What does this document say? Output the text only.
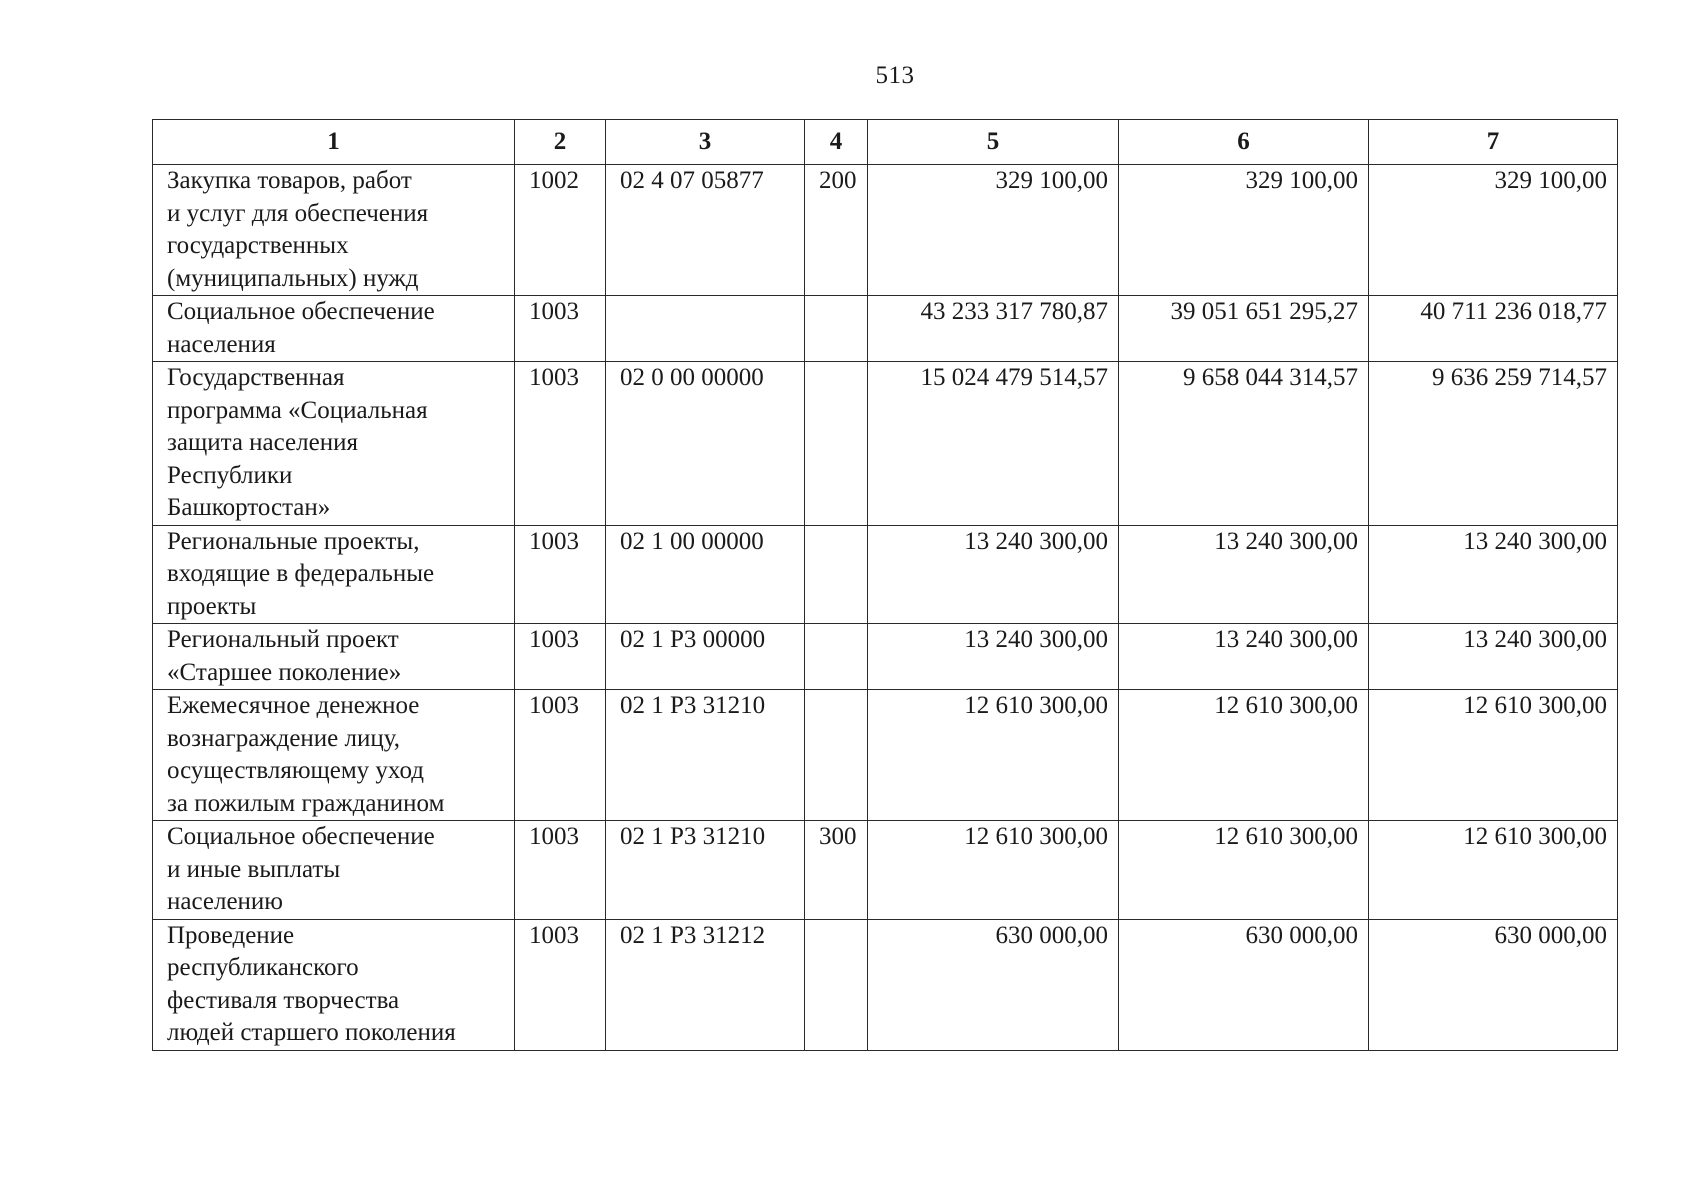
513
1	2	3	4	5	6	7

Закупка товаров, работ
и услуг для обеспечения
государственных
(муниципальных) нужд	1002	02 4 07 05877	200	329 100,00	329 100,00	329 100,00

Социальное обеспечение
населения	1003			43 233 317 780,87	39 051 651 295,27	40 711 236 018,77

Государственная
программа «Социальная
защита населения
Республики
Башкортостан»	1003	02 0 00 00000		15 024 479 514,57	9 658 044 314,57	9 636 259 714,57

Региональные проекты,
входящие в федеральные
проекты	1003	02 1 00 00000		13 240 300,00	13 240 300,00	13 240 300,00

Региональный проект
«Старшее поколение»	1003	02 1 P3 00000		13 240 300,00	13 240 300,00	13 240 300,00

Ежемесячное денежное
вознаграждение лицу,
осуществляющему уход
за пожилым гражданином	1003	02 1 P3 31210		12 610 300,00	12 610 300,00	12 610 300,00

Социальное обеспечение
и иные выплаты
населению	1003	02 1 P3 31210	300	12 610 300,00	12 610 300,00	12 610 300,00

Проведение
республиканского
фестиваля творчества
людей старшего поколения	1003	02 1 P3 31212		630 000,00	630 000,00	630 000,00
